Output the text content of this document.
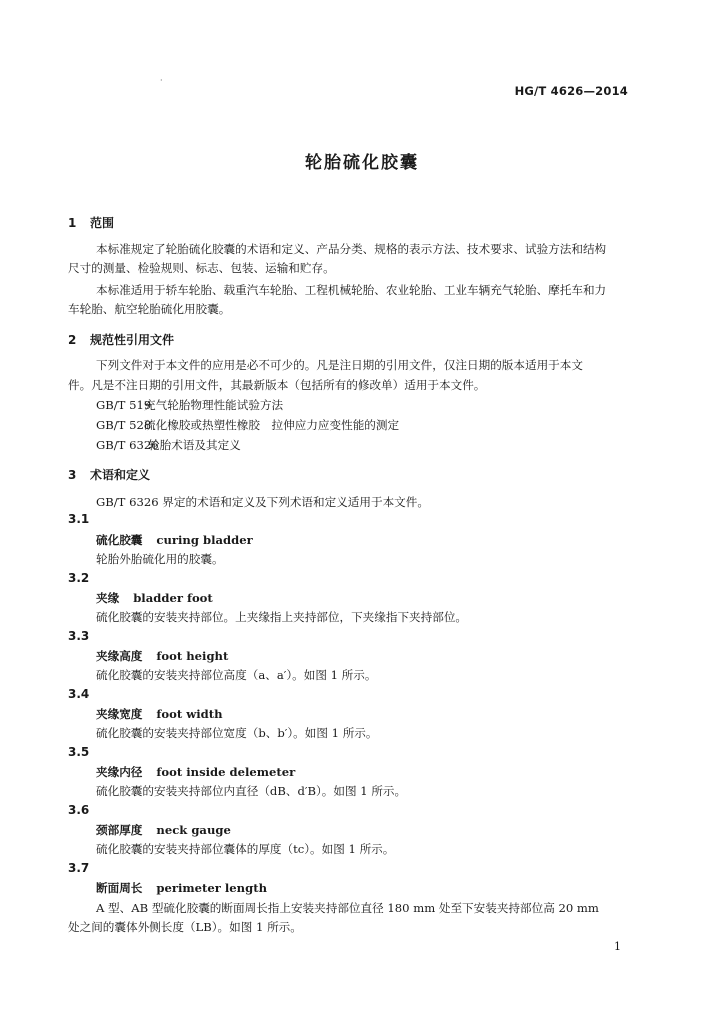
·
HG/T 4626—2014
轮胎硫化胶囊
1 范围
本标准规定了轮胎硫化胶囊的术语和定义、产品分类、规格的表示方法、技术要求、试验方法和结构
尺寸的测量、检验规则、标志、包装、运输和贮存。
本标准适用于轿车轮胎、载重汽车轮胎、工程机械轮胎、农业轮胎、工业车辆充气轮胎、摩托车和力
车轮胎、航空轮胎硫化用胶囊。
2 规范性引用文件
下列文件对于本文件的应用是必不可少的。凡是注日期的引用文件，仅注日期的版本适用于本文
件。凡是不注日期的引用文件，其最新版本（包括所有的修改单）适用于本文件。
GB/T 519充气轮胎物理性能试验方法
GB/T 528硫化橡胶或热塑性橡胶　拉伸应力应变性能的测定
GB/T 6326轮胎术语及其定义
3 术语和定义
GB/T 6326 界定的术语和定义及下列术语和定义适用于本文件。
3.1
硫化胶囊 curing bladder
轮胎外胎硫化用的胶囊。
3.2
夹缘 bladder foot
硫化胶囊的安装夹持部位。上夹缘指上夹持部位，下夹缘指下夹持部位。
3.3
夹缘高度 foot height
硫化胶囊的安装夹持部位高度（a、a′）。如图 1 所示。
3.4
夹缘宽度 foot width
硫化胶囊的安装夹持部位宽度（b、b′）。如图 1 所示。
3.5
夹缘内径 foot inside delemeter
硫化胶囊的安装夹持部位内直径（dB、d′B）。如图 1 所示。
3.6
颈部厚度 neck gauge
硫化胶囊的安装夹持部位囊体的厚度（tc）。如图 1 所示。
3.7
断面周长 perimeter length
A 型、AB 型硫化胶囊的断面周长指上安装夹持部位直径 180 mm 处至下安装夹持部位高 20 mm
处之间的囊体外侧长度（LB）。如图 1 所示。
1
